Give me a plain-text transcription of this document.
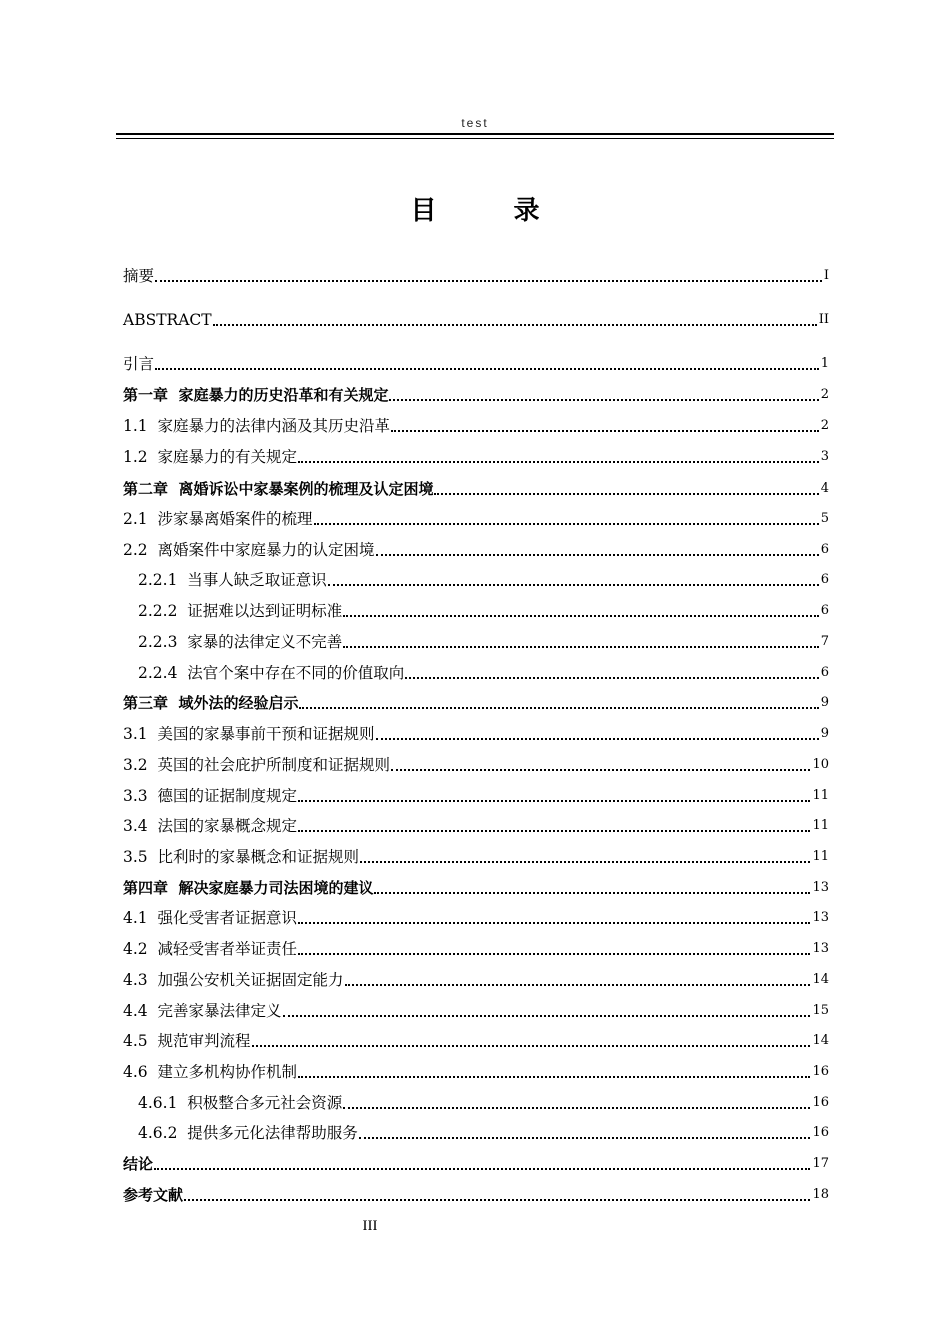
test
目 录
摘要	I
ABSTRACT	II
引言	1
第一章  家庭暴力的历史沿革和有关规定	2
1.1  家庭暴力的法律内涵及其历史沿革	2
1.2  家庭暴力的有关规定	3
第二章  离婚诉讼中家暴案例的梳理及认定困境	4
2.1  涉家暴离婚案件的梳理	5
2.2  离婚案件中家庭暴力的认定困境	6
2.2.1  当事人缺乏取证意识	6
2.2.2  证据难以达到证明标准	6
2.2.3  家暴的法律定义不完善	7
2.2.4  法官个案中存在不同的价值取向	6
第三章  域外法的经验启示	9
3.1  美国的家暴事前干预和证据规则	9
3.2  英国的社会庇护所制度和证据规则	10
3.3  德国的证据制度规定	11
3.4  法国的家暴概念规定	11
3.5  比利时的家暴概念和证据规则	11
第四章  解决家庭暴力司法困境的建议	13
4.1  强化受害者证据意识	13
4.2  减轻受害者举证责任	13
4.3  加强公安机关证据固定能力	14
4.4  完善家暴法律定义	15
4.5  规范审判流程	14
4.6  建立多机构协作机制	16
4.6.1  积极整合多元社会资源	16
4.6.2  提供多元化法律帮助服务	16
结论	17
参考文献	18
III
